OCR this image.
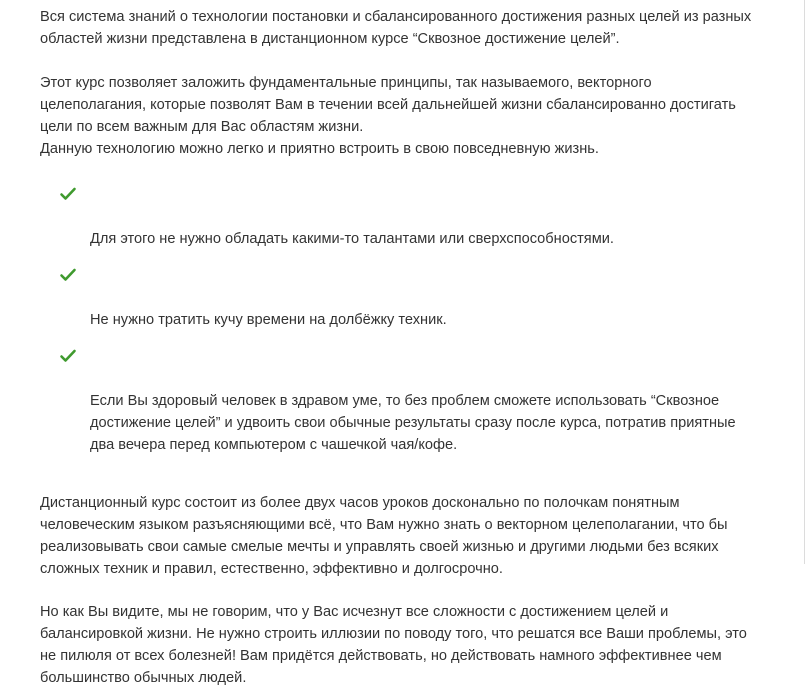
Вся система знаний о технологии постановки и сбалансированного достижения разных целей из разных
областей жизни представлена в дистанционном курсе “Сквозное достижение целей”.

Этот курс позволяет заложить фундаментальные принципы, так называемого, векторного
целеполагания, которые позволят Вам в течении всей дальнейшей жизни сбалансированно достигать
цели по всем важным для Вас областям жизни.
Данную технологию можно легко и приятно встроить в свою повседневную жизнь.

Для этого не нужно обладать какими-то талантами или сверхспособностями.

Не нужно тратить кучу времени на долбёжку техник.

Если Вы здоровый человек в здравом уме, то без проблем сможете использовать “Сквозное
достижение целей” и удвоить свои обычные результаты сразу после курса, потратив приятные
два вечера перед компьютером с чашечкой чая/кофе.

Дистанционный курс состоит из более двух часов уроков досконально по полочкам понятным
человеческим языком разъясняющими всё, что Вам нужно знать о векторном целеполагании, что бы
реализовывать свои самые смелые мечты и управлять своей жизнью и другими людьми без всяких
сложных техник и правил, естественно, эффективно и долгосрочно.

Но как Вы видите, мы не говорим, что у Вас исчезнут все сложности с достижением целей и
балансировкой жизни. Не нужно строить иллюзии по поводу того, что решатся все Ваши проблемы, это
не пилюля от всех болезней! Вам придётся действовать, но действовать намного эффективнее чем
большинство обычных людей.
